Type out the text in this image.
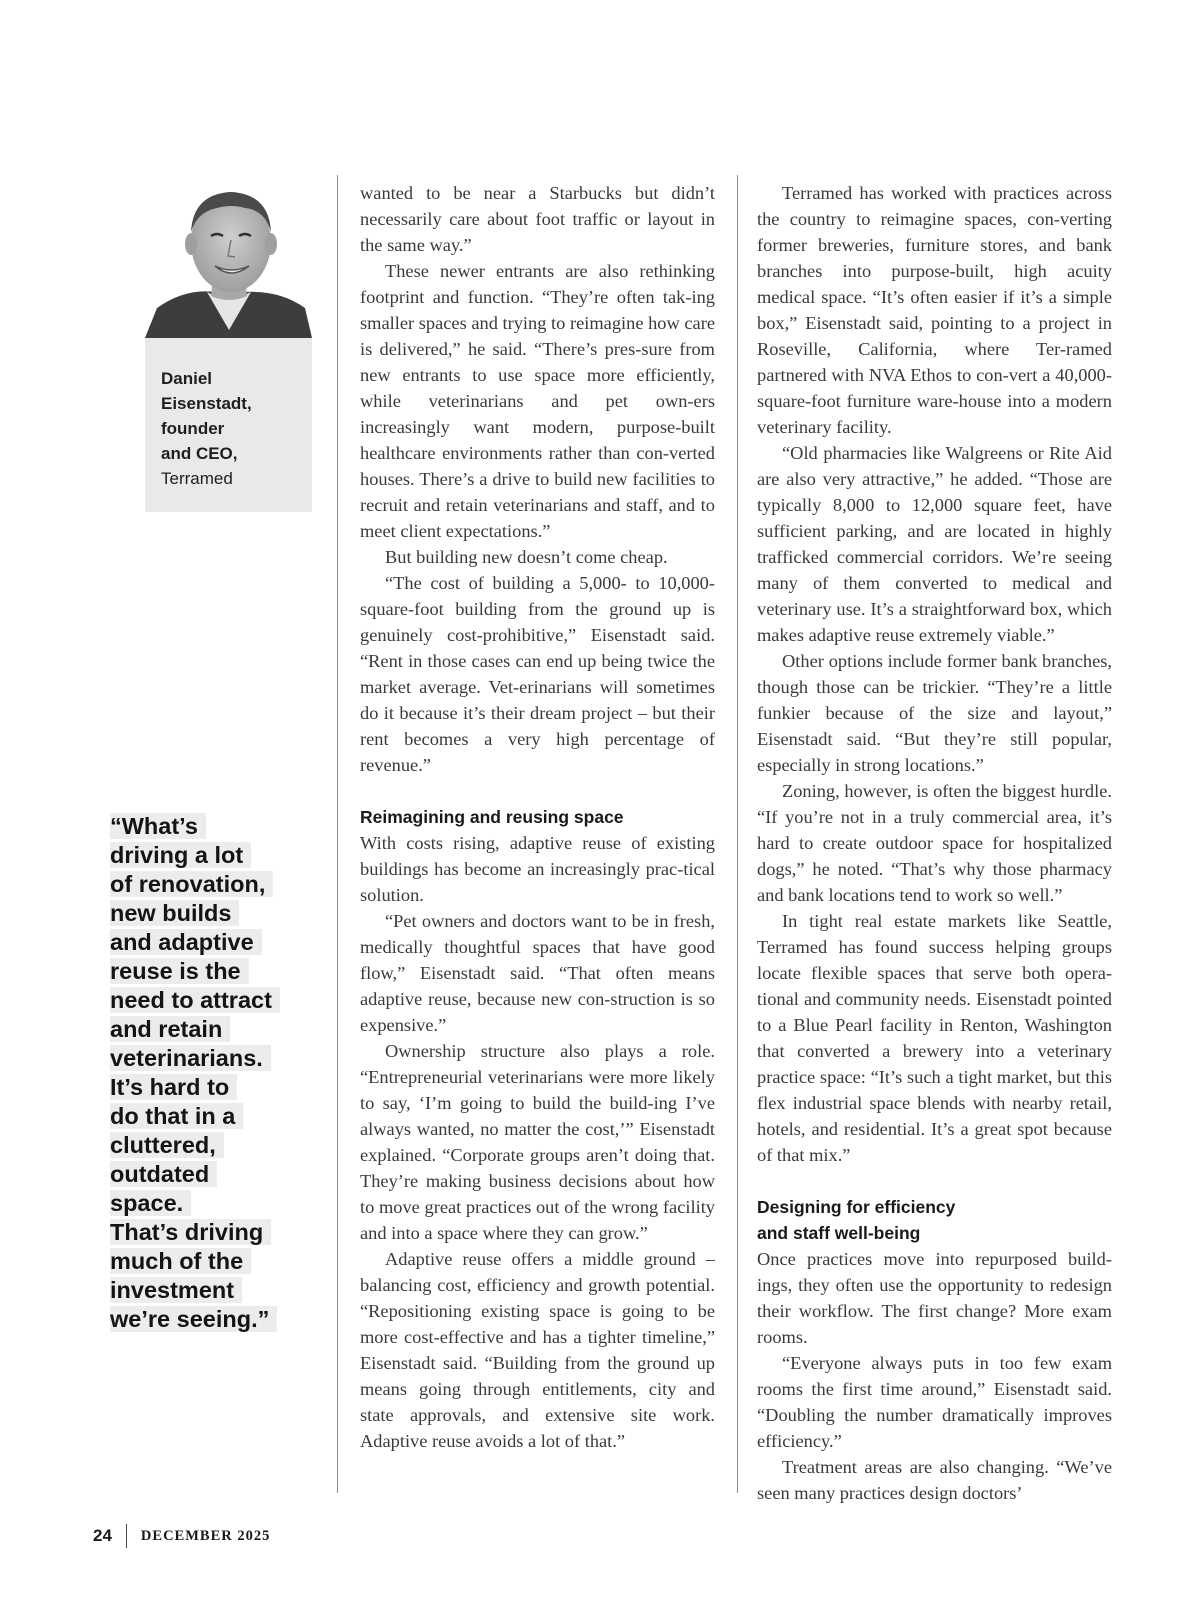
Daniel
Eisenstadt,
founder
and CEO,
Terramed
“What’s
driving a lot
of renovation,
new builds
and adaptive
reuse is the
need to attract
and retain
veterinarians.
It’s hard to
do that in a
cluttered,
outdated
space.
That’s driving
much of the
investment
we’re seeing.”

wanted to be near a Starbucks but didn’t necessarily care about foot traffic or layout in the same way.”

These newer entrants are also rethinking footprint and function. “They’re often tak-ing smaller spaces and trying to reimagine how care is delivered,” he said. “There’s pres-sure from new entrants to use space more efficiently, while veterinarians and pet own-ers increasingly want modern, purpose-built healthcare environments rather than con-verted houses. There’s a drive to build new facilities to recruit and retain veterinarians and staff, and to meet client expectations.”

But building new doesn’t come cheap.

“The cost of building a 5,000- to 10,000-square-foot building from the ground up is genuinely cost-prohibitive,” Eisenstadt said. “Rent in those cases can end up being twice the market average. Vet-erinarians will sometimes do it because it’s their dream project – but their rent becomes a very high percentage of revenue.”

Reimagining and reusing space

With costs rising, adaptive reuse of existing buildings has become an increasingly prac-tical solution.

“Pet owners and doctors want to be in fresh, medically thoughtful spaces that have good flow,” Eisenstadt said. “That often means adaptive reuse, because new con-struction is so expensive.”

Ownership structure also plays a role. “Entrepreneurial veterinarians were more likely to say, ‘I’m going to build the build-ing I’ve always wanted, no matter the cost,’” Eisenstadt explained. “Corporate groups aren’t doing that. They’re making business decisions about how to move great practices out of the wrong facility and into a space where they can grow.”

Adaptive reuse offers a middle ground – balancing cost, efficiency and growth potential. “Repositioning existing space is going to be more cost-effective and has a tighter timeline,” Eisenstadt said. “Building from the ground up means going through entitlements, city and state approvals, and extensive site work. Adaptive reuse avoids a lot of that.”

Terramed has worked with practices across the country to reimagine spaces, con-verting former breweries, furniture stores, and bank branches into purpose-built, high acuity medical space. “It’s often easier if it’s a simple box,” Eisenstadt said, pointing to a project in Roseville, California, where Ter-ramed partnered with NVA Ethos to con-vert a 40,000-square-foot furniture ware-house into a modern veterinary facility.

“Old pharmacies like Walgreens or Rite Aid are also very attractive,” he added. “Those are typically 8,000 to 12,000 square feet, have sufficient parking, and are located in highly trafficked commercial corridors. We’re seeing many of them converted to medical and veterinary use. It’s a straightforward box, which makes adaptive reuse extremely viable.”

Other options include former bank branches, though those can be trickier. “They’re a little funkier because of the size and layout,” Eisenstadt said. “But they’re still popular, especially in strong locations.”

Zoning, however, is often the biggest hurdle. “If you’re not in a truly commercial area, it’s hard to create outdoor space for hospitalized dogs,” he noted. “That’s why those pharmacy and bank locations tend to work so well.”

In tight real estate markets like Seattle, Terramed has found success helping groups locate flexible spaces that serve both opera-tional and community needs. Eisenstadt pointed to a Blue Pearl facility in Renton, Washington that converted a brewery into a veterinary practice space: “It’s such a tight market, but this flex industrial space blends with nearby retail, hotels, and residential. It’s a great spot because of that mix.”

Designing for efficiency
and staff well-being

Once practices move into repurposed build-ings, they often use the opportunity to redesign their workflow. The first change? More exam rooms.

“Everyone always puts in too few exam rooms the first time around,” Eisenstadt said. “Doubling the number dramatically improves efficiency.”

Treatment areas are also changing. “We’ve seen many practices design doctors’

24 DECEMBER 2025
